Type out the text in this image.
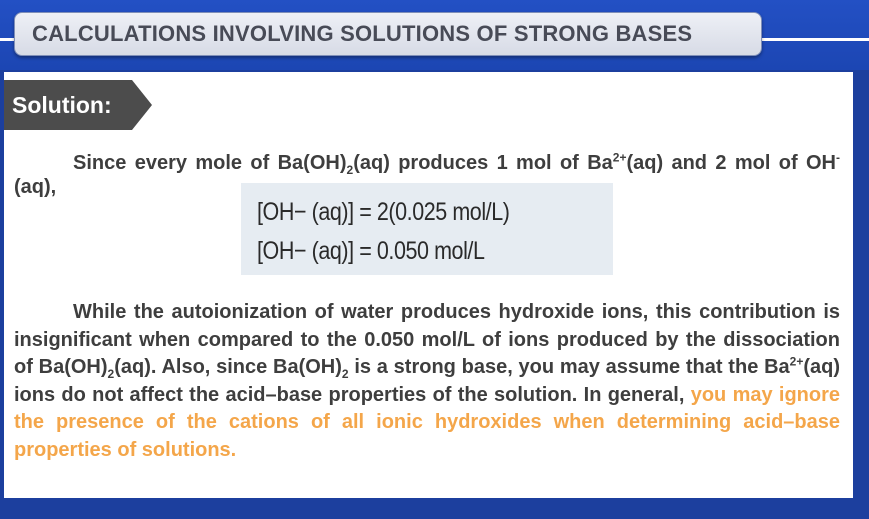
CALCULATIONS INVOLVING SOLUTIONS OF STRONG BASES
Solution:

Since every mole of $Ba(OH)_2(aq)$ produces 1 mol of $Ba^{2+}(aq)$ and 2 mol of OH-(aq),

[OH− (aq)] = 2(0.025 mol/L)
[OH− (aq)] = 0.050 mol/L

While the autoionization of water produces hydroxide ions, this contribution is insignificant when compared to the 0.050 mol/L of ions produced by the dissociation of $Ba(OH)_2(aq)$. Also, since $Ba(OH)_2$ is a strong base, you may assume that the $Ba^{2+}(aq)$ ions do not affect the acid–base properties of the solution. In general, you may ignore the presence of the cations of all ionic hydroxides when determining acid–base properties of solutions.
